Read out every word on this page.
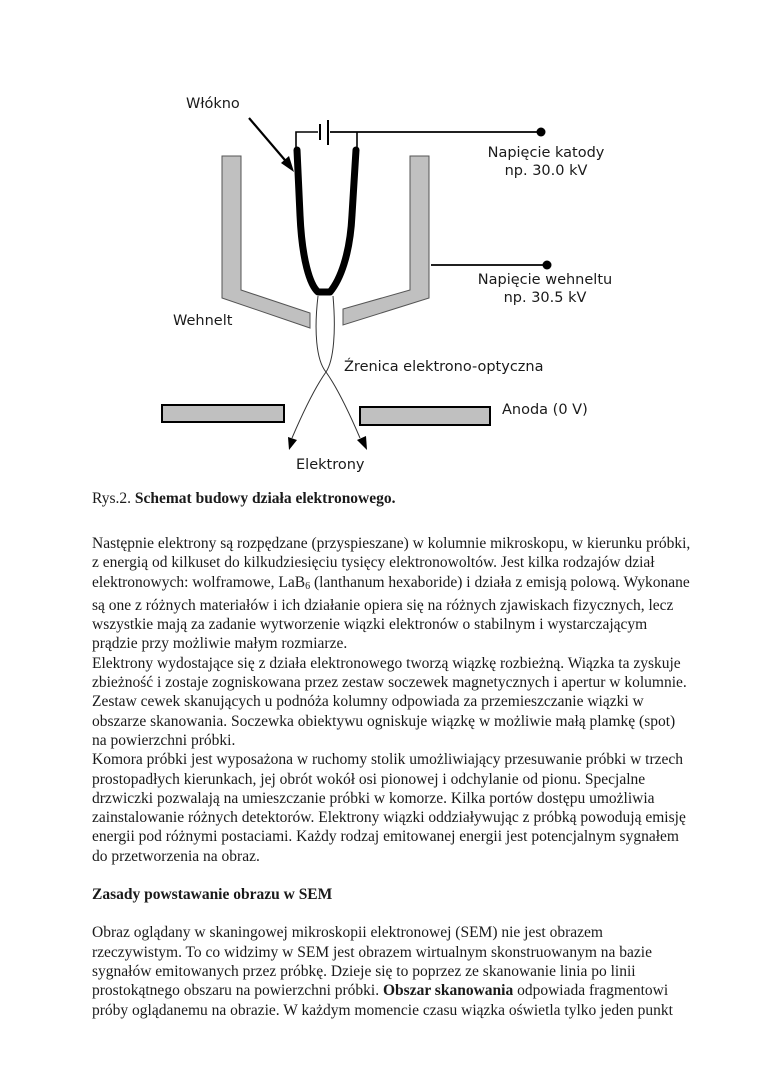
Włókno
Napięcie katody
np. 30.0 kV
Napięcie wehneltu
np. 30.5 kV
Wehnelt
Źrenica elektrono-optyczna
Anoda (0 V)
Elektrony
Rys.2. Schemat budowy działa elektronowego.

Następnie elektrony są rozpędzane (przyspieszane) w kolumnie mikroskopu, w kierunku próbki, z energią od kilkuset do kilkudziesięciu tysięcy elektronowoltów. Jest kilka rodzajów dział elektronowych: wolframowe, LaB$_6$ (lanthanum hexaboride) i działa z emisją polową. Wykonane są one z różnych materiałów i ich działanie opiera się na różnych zjawiskach fizycznych, lecz wszystkie mają za zadanie wytworzenie wiązki elektronów o stabilnym i wystarczającym prądzie przy możliwie małym rozmiarze.

Elektrony wydostające się z działa elektronowego tworzą wiązkę rozbieżną. Wiązka ta zyskuje zbieżność i zostaje zogniskowana przez zestaw soczewek magnetycznych i apertur w kolumnie. Zestaw cewek skanujących u podnóża kolumny odpowiada za przemieszczanie wiązki w obszarze skanowania. Soczewka obiektywu ogniskuje wiązkę w możliwie małą plamkę (spot) na powierzchni próbki.

Komora próbki jest wyposażona w ruchomy stolik umożliwiający przesuwanie próbki w trzech prostopadłych kierunkach, jej obrót wokół osi pionowej i odchylanie od pionu. Specjalne drzwiczki pozwalają na umieszczanie próbki w komorze. Kilka portów dostępu umożliwia zainstalowanie różnych detektorów. Elektrony wiązki oddziaływując z próbką powodują emisję energii pod różnymi postaciami. Każdy rodzaj emitowanej energii jest potencjalnym sygnałem do przetworzenia na obraz.

Zasady powstawanie obrazu w SEM

Obraz oglądany w skaningowej mikroskopii elektronowej (SEM) nie jest obrazem rzeczywistym. To co widzimy w SEM jest obrazem wirtualnym skonstruowanym na bazie sygnałów emitowanych przez próbkę. Dzieje się to poprzez ze skanowanie linia po linii prostokątnego obszaru na powierzchni próbki. Obszar skanowania odpowiada fragmentowi próby oglądanemu na obrazie. W każdym momencie czasu wiązka oświetla tylko jeden punkt
